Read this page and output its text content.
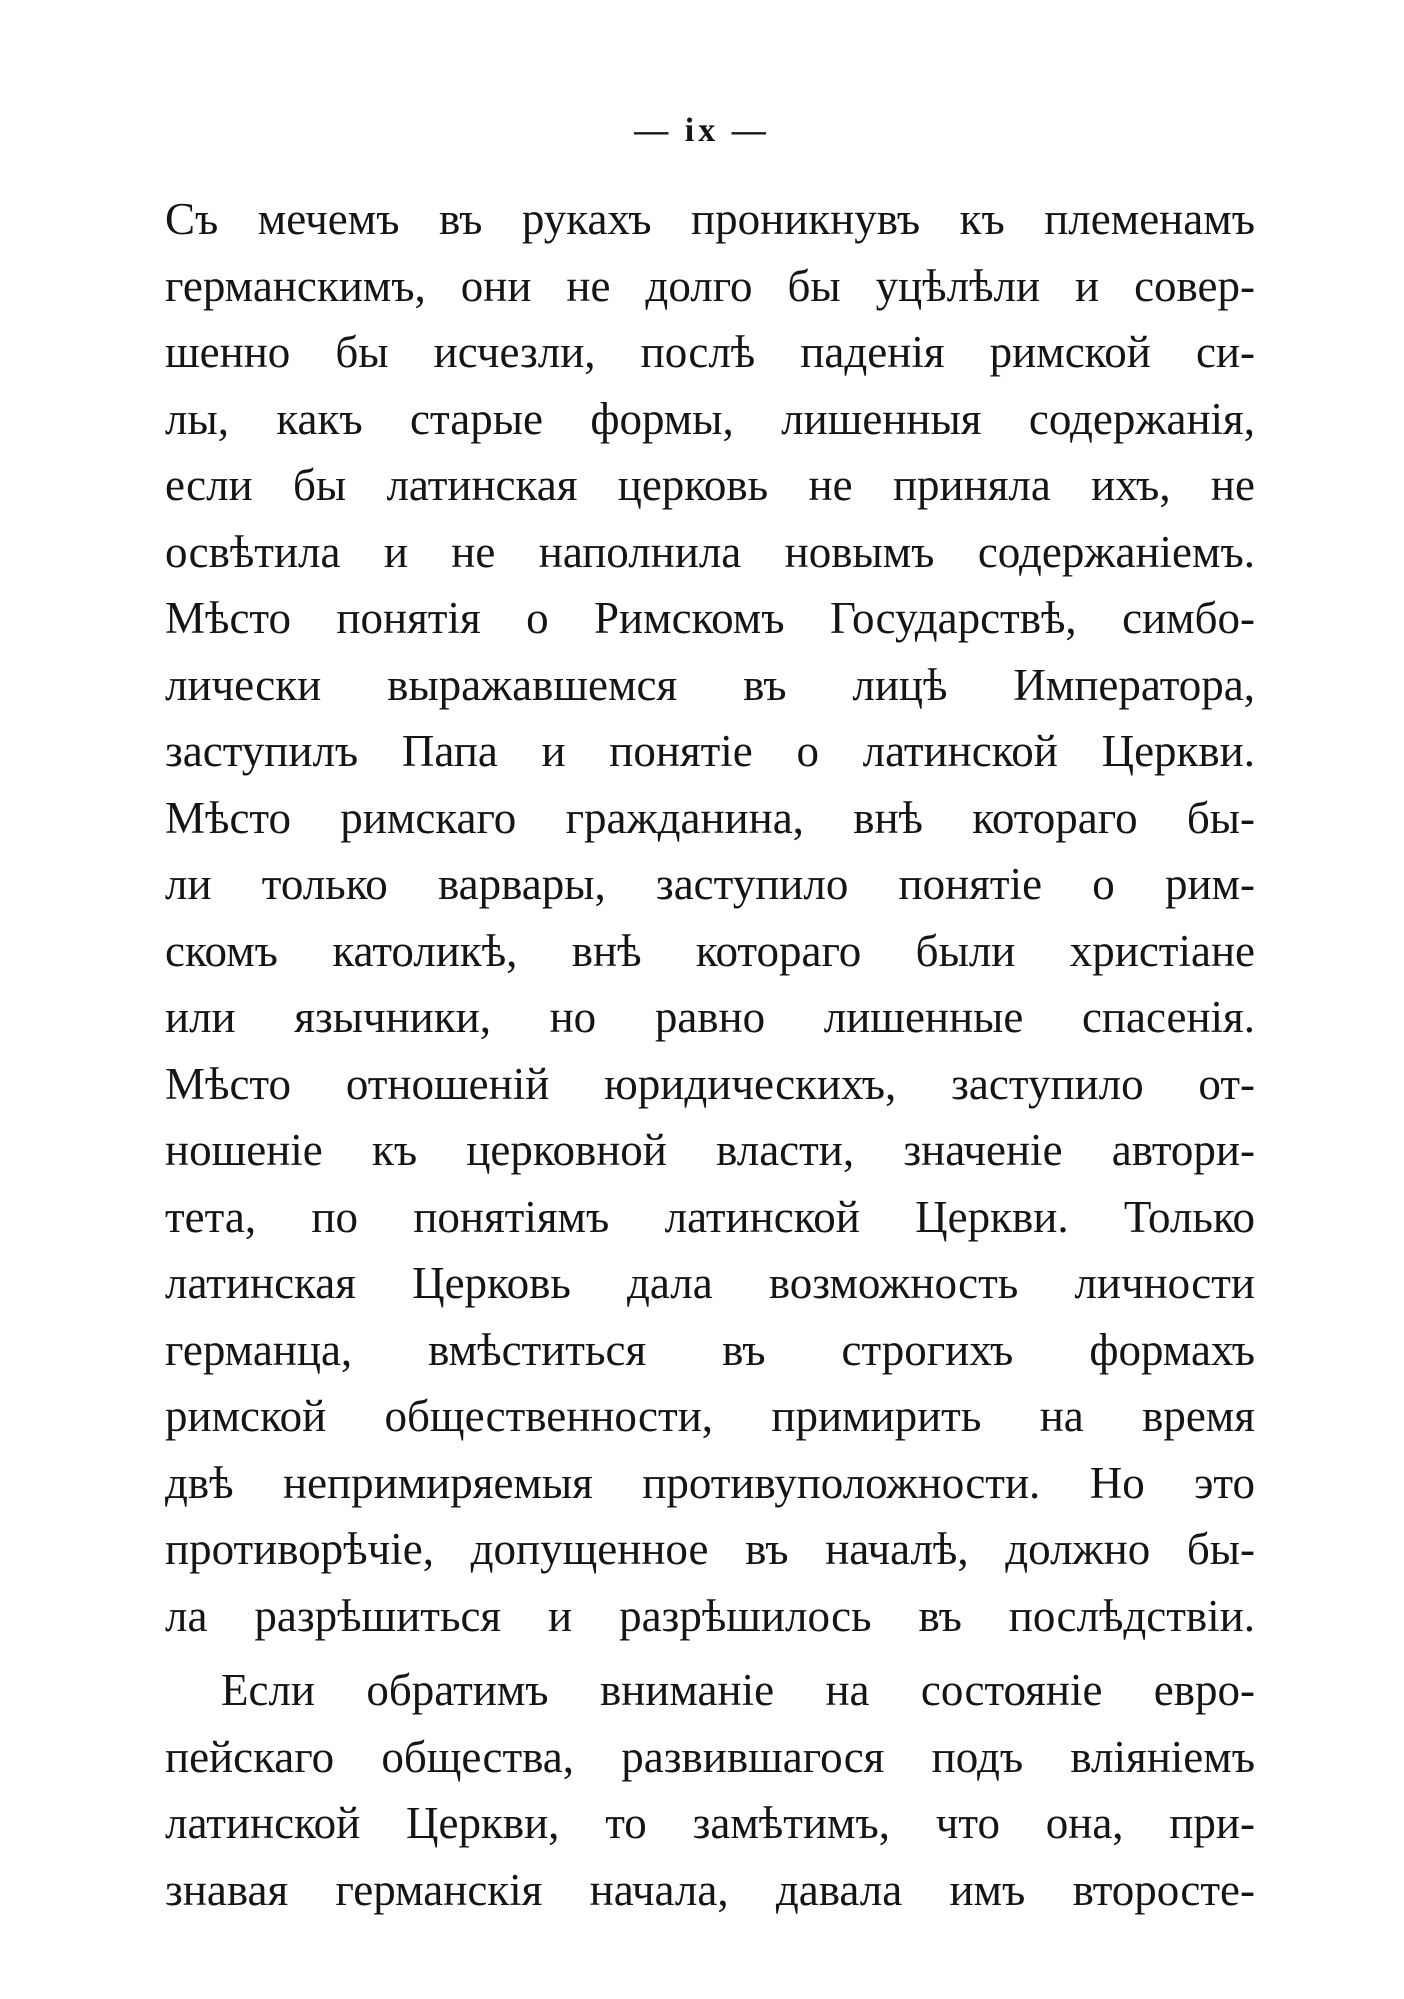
— ix —
Съ мечемъ въ рукахъ проникнувъ къ племенамъ
германскимъ, они не долго бы уцѣлѣли и совер-
шенно бы исчезли, послѣ паденія римской си-
лы, какъ старые формы, лишенныя содержанія,
если бы латинская церковь не приняла ихъ, не
освѣтила и не наполнила новымъ содержаніемъ.
Мѣсто понятія о Римскомъ Государствѣ, симбо-
лически выражавшемся въ лицѣ Императора,
заступилъ Папа и понятіе о латинской Церкви.
Мѣсто римскаго гражданина, внѣ котораго бы-
ли только варвары, заступило понятіе о рим-
скомъ католикѣ, внѣ котораго были христіане
или язычники, но равно лишенные спасенія.
Мѣсто отношеній юридическихъ, заступило от-
ношеніе къ церковной власти, значеніе автори-
тета, по понятіямъ латинской Церкви. Только
латинская Церковь дала возможность личности
германца, вмѣститься въ строгихъ формахъ
римской общественности, примирить на время
двѣ непримиряемыя противуположности. Но это
противорѣчіе, допущенное въ началѣ, должно бы-
ла разрѣшиться и разрѣшилось въ послѣдствіи.
Если обратимъ вниманіе на состояніе евро-
пейскаго общества, развившагося подъ вліяніемъ
латинской Церкви, то замѣтимъ, что она, при-
знавая германскія начала, давала имъ второсте-
